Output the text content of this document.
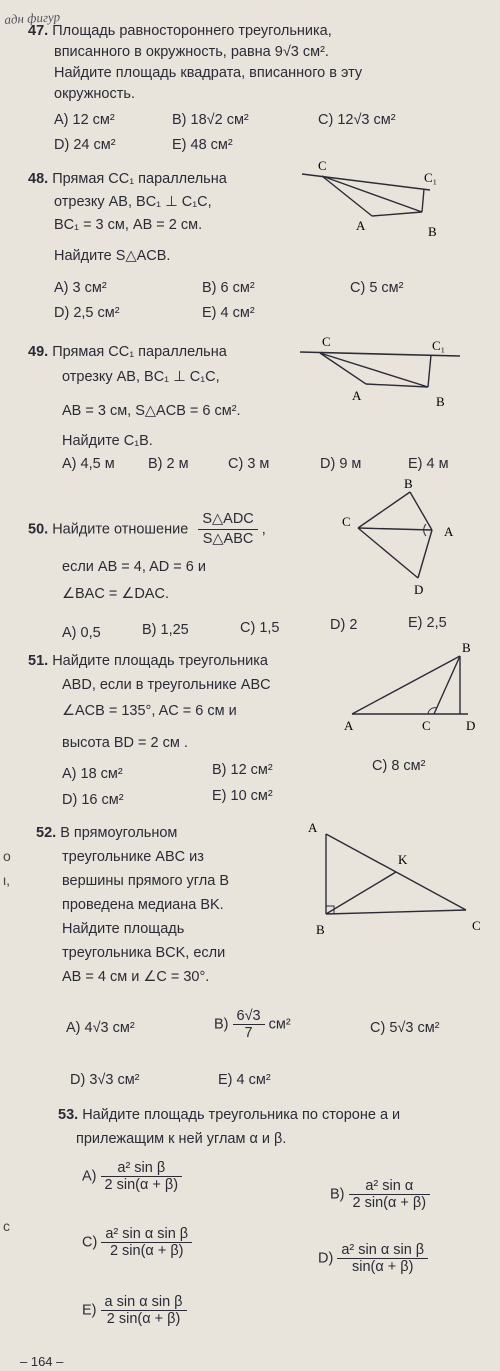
адн фигур
о
ι,
с
47. Площадь равностороннего треугольника,
вписанного в окружность, равна 9√3 см².
Найдите площадь квадрата, вписанного в эту
окружность.
A) 12 см²	B) 18√2 см²	C) 12√3 см²
D) 24 см²	E) 48 см²
48. Прямая CC₁ параллельна
отрезку AB, BC₁ ⊥ C₁C,
BC₁ = 3 см, AB = 2 см.
Найдите S△ACB.
A) 3 см²	B) 6 см²	C) 5 см²
D) 2,5 см²	E) 4 см²
C
C₁
A	B
49. Прямая CC₁ параллельна
отрезку AB, BC₁ ⊥ C₁C,
AB = 3 см, S△ACB = 6 см².
Найдите C₁B.
A) 4,5 м B) 2 м	C) 3 м	D) 9 м	E) 4 м
C	C₁
A	B
50. Найдите отношение $\frac{\text{S△ADC}}{\text{S△ABC}}$ ,
если AB = 4, AD = 6 и
∠BAC = ∠DAC.
A) 0,5	B) 1,25	C) 1,5	D) 2	E) 2,5
B
C
A
D
51. Найдите площадь треугольника
ABD, если в треугольнике ABC
∠ACB = 135°, AC = 6 см и
высота BD = 2 см .
A) 18 см²	B) 12 см²	C) 8 см²
D) 16 см²	E) 10 см²
B
A	C	D
52. В прямоугольном
треугольнике ABC из
вершины прямого угла B
проведена медиана BK.
Найдите площадь
треугольника BCK, если
AB = 4 см и ∠C = 30°.
A) 4√3 см²	$B) \frac{6√3}{7} см^2$	C) 5√3 см²
D) 3√3 см²	E) 4 см²
A
K
B	C
53. Найдите площадь треугольника по стороне a и
прилежащим к ней углам α и β.
$A) \frac{\text{a² sin β}}{2 \sin(\alpha + \beta)}$
$B) \frac{\text{a² sin α}}{2 \sin(\alpha + \beta)}$
$C) \frac{\text{a² sin α sin β}}{2 \sin(\alpha + \beta)}$	$D) \frac{\text{a² sin α sin β}}{\sin(\alpha + \beta)}$
$E) \frac{\text{a sin α sin β}}{2 \sin(\alpha + \beta)}$
– 164 –
